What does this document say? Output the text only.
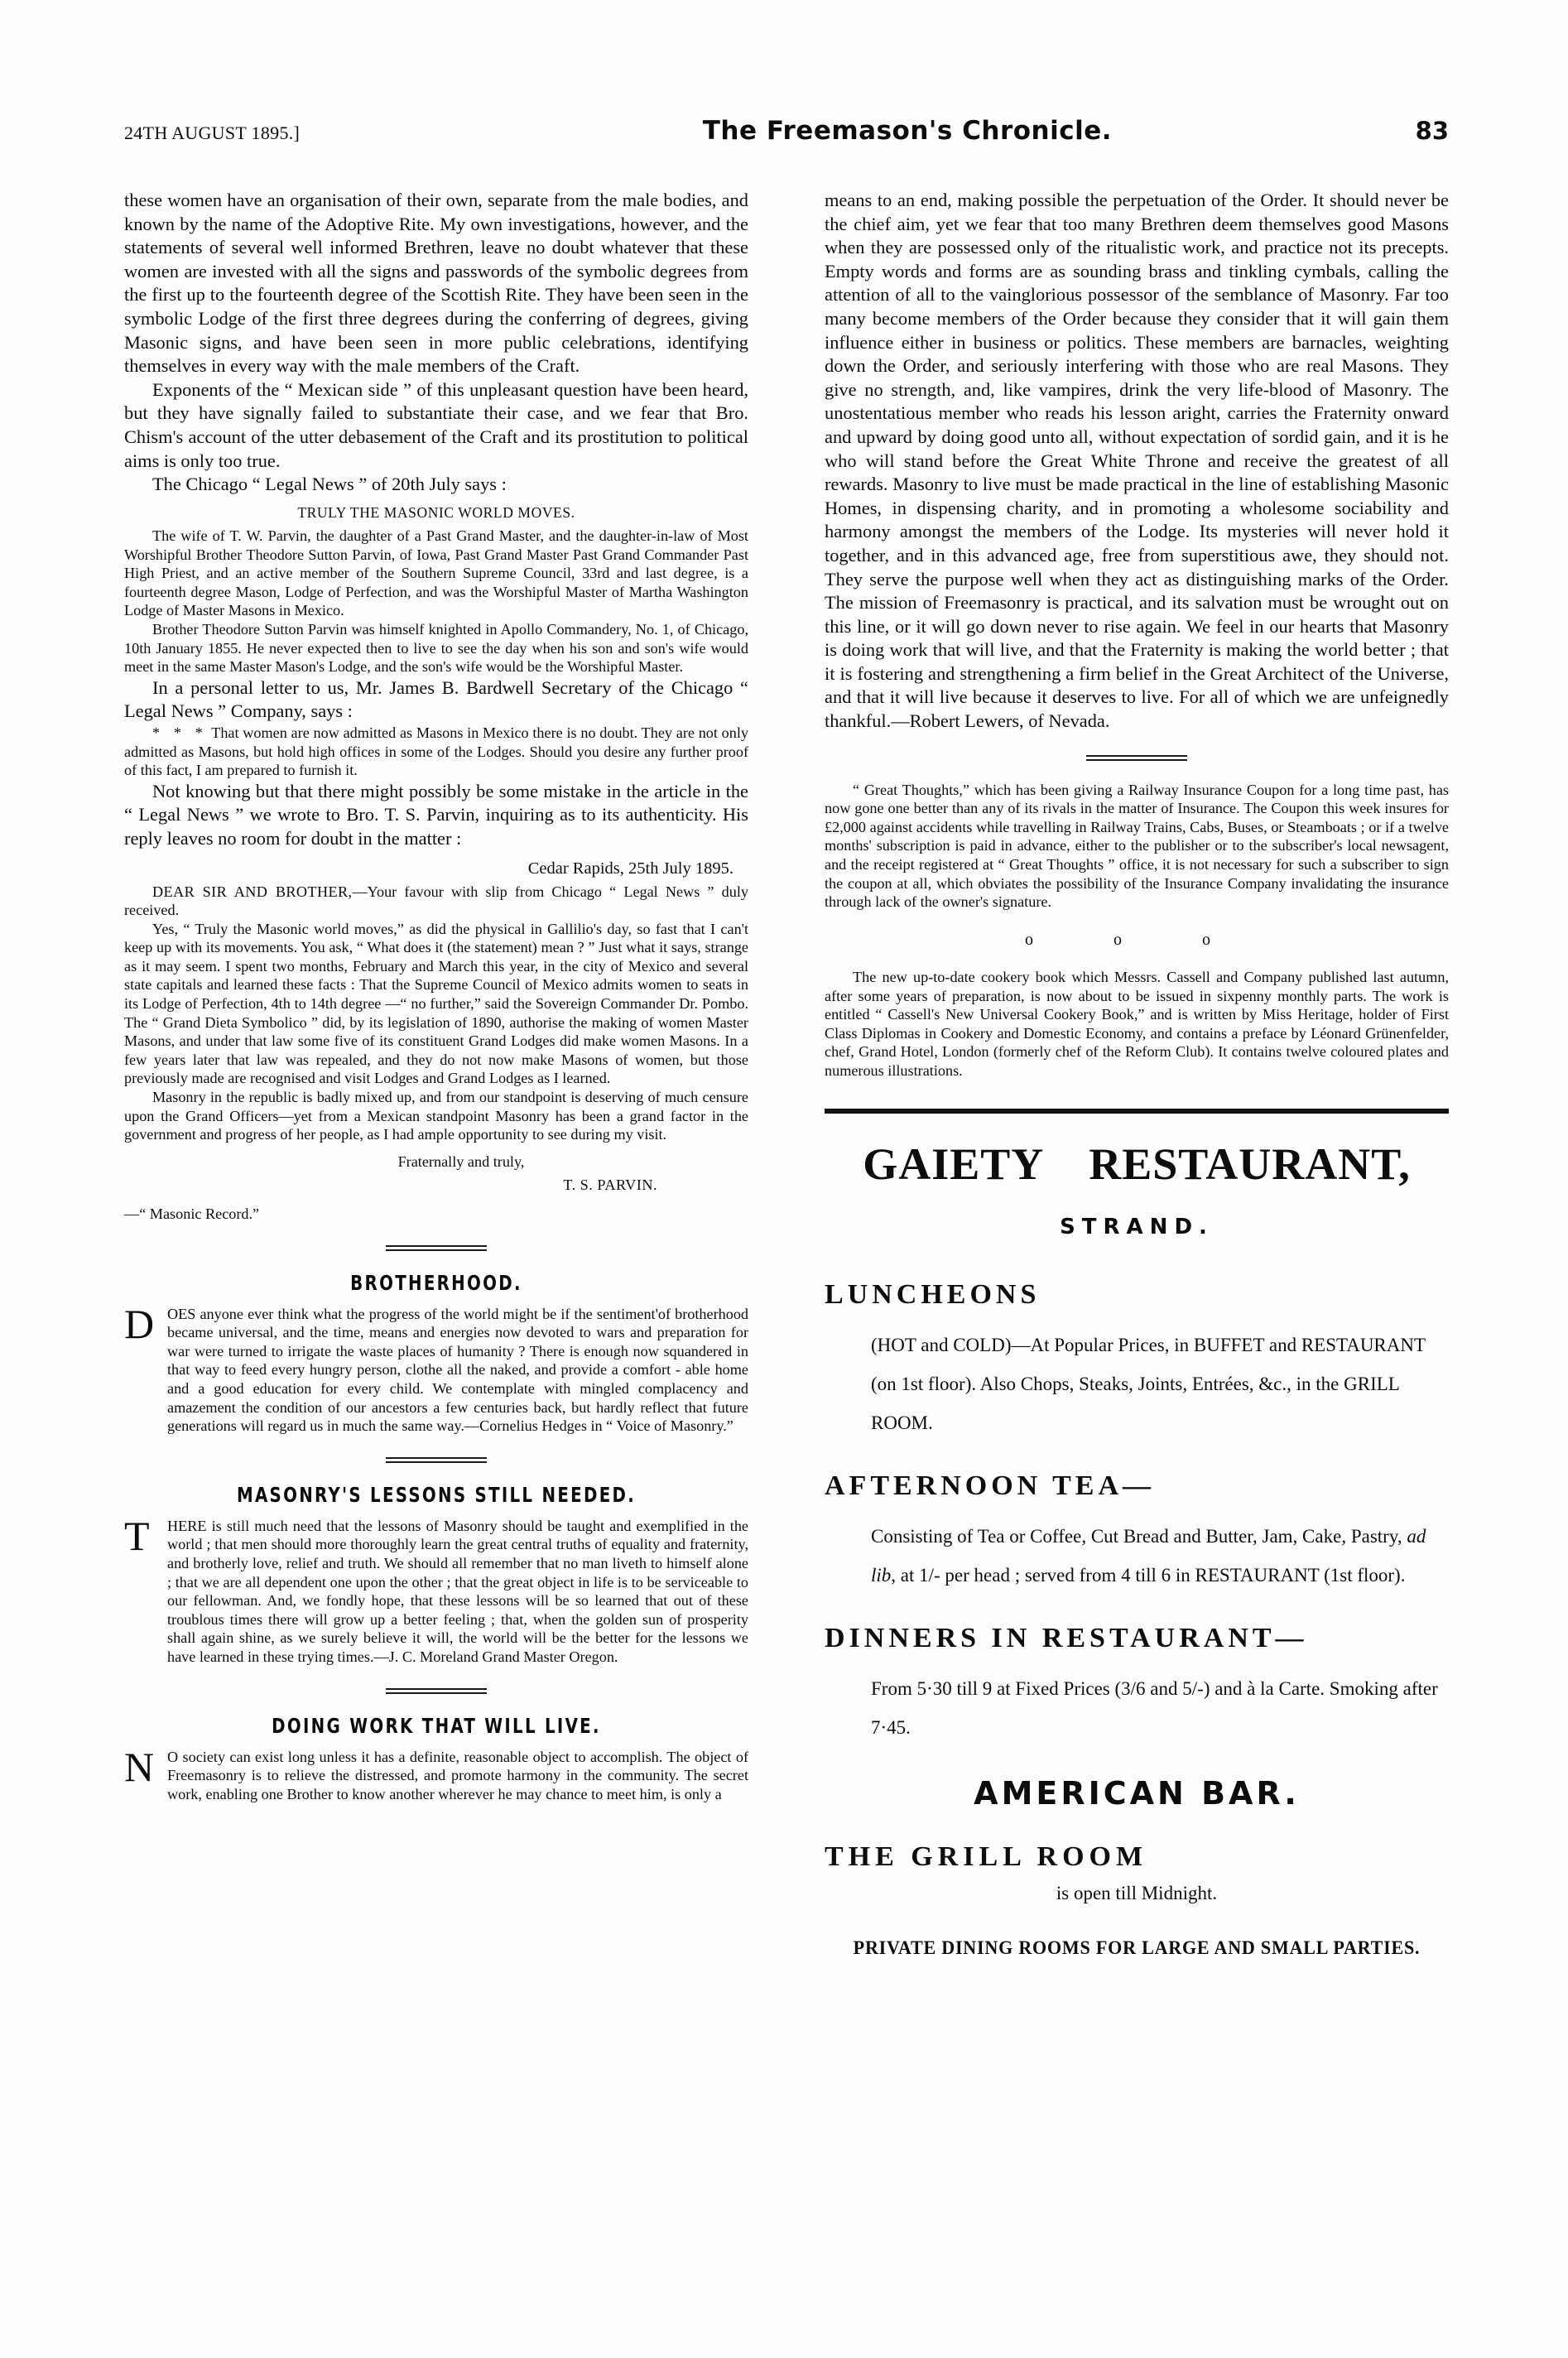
24TH AUGUST 1895.]	The Freemason's Chronicle.	83

these women have an organisation of their own, separate from the male bodies, and known by the name of the Adoptive Rite. My own investigations, however, and the statements of several well informed Brethren, leave no doubt whatever that these women are invested with all the signs and passwords of the symbolic degrees from the first up to the fourteenth degree of the Scottish Rite. They have been seen in the symbolic Lodge of the first three degrees during the conferring of degrees, giving Masonic signs, and have been seen in more public celebrations, identifying themselves in every way with the male members of the Craft.

Exponents of the “ Mexican side ” of this unpleasant question have been heard, but they have signally failed to substantiate their case, and we fear that Bro. Chism's account of the utter debasement of the Craft and its prostitution to political aims is only too true.

The Chicago “ Legal News ” of 20th July says :

TRULY THE MASONIC WORLD MOVES.

The wife of T. W. Parvin, the daughter of a Past Grand Master, and the daughter-in-law of Most Worshipful Brother Theodore Sutton Parvin, of Iowa, Past Grand Master Past Grand Commander Past High Priest, and an active member of the Southern Supreme Council, 33rd and last degree, is a fourteenth degree Mason, Lodge of Perfection, and was the Worshipful Master of Martha Washington Lodge of Master Masons in Mexico.

Brother Theodore Sutton Parvin was himself knighted in Apollo Commandery, No. 1, of Chicago, 10th January 1855. He never expected then to live to see the day when his son and son's wife would meet in the same Master Mason's Lodge, and the son's wife would be the Worshipful Master.

In a personal letter to us, Mr. James B. Bardwell Secretary of the Chicago “ Legal News ” Company, says :

* * * That women are now admitted as Masons in Mexico there is no doubt. They are not only admitted as Masons, but hold high offices in some of the Lodges. Should you desire any further proof of this fact, I am prepared to furnish it.

Not knowing but that there might possibly be some mistake in the article in the “ Legal News ” we wrote to Bro. T. S. Parvin, inquiring as to its authenticity. His reply leaves no room for doubt in the matter :

Cedar Rapids, 25th July 1895.

DEAR SIR AND BROTHER,—Your favour with slip from Chicago “ Legal News ” duly received.

Yes, “ Truly the Masonic world moves,” as did the physical in Gallilio's day, so fast that I can't keep up with its movements. You ask, “ What does it (the statement) mean ? ” Just what it says, strange as it may seem. I spent two months, February and March this year, in the city of Mexico and several state capitals and learned these facts : That the Supreme Council of Mexico admits women to seats in its Lodge of Perfection, 4th to 14th degree —“ no further,” said the Sovereign Commander Dr. Pombo. The “ Grand Dieta Symbolico ” did, by its legislation of 1890, authorise the making of women Master Masons, and under that law some five of its constituent Grand Lodges did make women Masons. In a few years later that law was repealed, and they do not now make Masons of women, but those previously made are recognised and visit Lodges and Grand Lodges as I learned.

Masonry in the republic is badly mixed up, and from our standpoint is deserving of much censure upon the Grand Officers—yet from a Mexican standpoint Masonry has been a grand factor in the government and progress of her people, as I had ample opportunity to see during my visit.

Fraternally and truly,

T. S. PARVIN.

—“ Masonic Record.”

BROTHERHOOD.

DOES anyone ever think what the progress of the world might be if the sentiment'of brotherhood became universal, and the time, means and energies now devoted to wars and preparation for war were turned to irrigate the waste places of humanity ? There is enough now squandered in that way to feed every hungry person, clothe all the naked, and provide a comfort - able home and a good education for every child. We contemplate with mingled complacency and amazement the condition of our ancestors a few centuries back, but hardly reflect that future generations will regard us in much the same way.—Cornelius Hedges in “ Voice of Masonry.”

MASONRY'S LESSONS STILL NEEDED.

T	HERE is still much need that the lessons of Masonry should be taught and exemplified in the world ; that men should more thoroughly learn the great central truths of equality and fraternity, and brotherly love, relief and truth. We should all remember that no man liveth to himself alone ; that we are all dependent one upon the other ; that the great object in life is to be serviceable to our fellowman. And, we fondly hope, that these lessons will be so learned that out of these troublous times there will grow up a better feeling ; that, when the golden sun of prosperity shall again shine, as we surely believe it will, the world will be the better for the lessons we have learned in these trying times.—J. C. Moreland Grand Master Oregon.

DOING WORK THAT WILL LIVE.

N O society can exist long unless it has a definite, reasonable object to accomplish. The object of Freemasonry is to relieve the distressed, and promote harmony in the community. The secret work, enabling one Brother to know another wherever he may chance to meet him, is only a

means to an end, making possible the perpetuation of the Order. It should never be the chief aim, yet we fear that too many Brethren deem themselves good Masons when they are possessed only of the ritualistic work, and practice not its precepts. Empty words and forms are as sounding brass and tinkling cymbals, calling the attention of all to the vainglorious possessor of the semblance of Masonry. Far too many become members of the Order because they consider that it will gain them influence either in business or politics. These members are barnacles, weighting down the Order, and seriously interfering with those who are real Masons. They give no strength, and, like vampires, drink the very life-blood of Masonry. The unostentatious member who reads his lesson aright, carries the Fraternity onward and upward by doing good unto all, without expectation of sordid gain, and it is he who will stand before the Great White Throne and receive the greatest of all rewards. Masonry to live must be made practical in the line of establishing Masonic Homes, in dispensing charity, and in promoting a wholesome sociability and harmony amongst the members of the Lodge. Its mysteries will never hold it together, and in this advanced age, free from superstitious awe, they should not. They serve the purpose well when they act as distinguishing marks of the Order. The mission of Freemasonry is practical, and its salvation must be wrought out on this line, or it will go down never to rise again. We feel in our hearts that Masonry is doing work that will live, and that the Fraternity is making the world better ; that it is fostering and strengthening a firm belief in the Great Architect of the Universe, and that it will live because it deserves to live. For all of which we are unfeignedly thankful.—Robert Lewers, of Nevada.

“ Great Thoughts,” which has been giving a Railway Insurance Coupon for a long time past, has now gone one better than any of its rivals in the matter of Insurance. The Coupon this week insures for £2,000 against accidents while travelling in Railway Trains, Cabs, Buses, or Steamboats ; or if a twelve months' subscription is paid in advance, either to the publisher or to the subscriber's local newsagent, and the receipt registered at “ Great Thoughts ” office, it is not necessary for such a subscriber to sign the coupon at all, which obviates the possibility of the Insurance Company invalidating the insurance through lack of the owner's signature.

o o o

The new up-to-date cookery book which Messrs. Cassell and Company published last autumn, after some years of preparation, is now about to be issued in sixpenny monthly parts. The work is entitled “ Cassell's New Universal Cookery Book,” and is written by Miss Heritage, holder of First Class Diplomas in Cookery and Domestic Economy, and contains a preface by Léonard Grünenfelder, chef, Grand Hotel, London (formerly chef of the Reform Club). It contains twelve coloured plates and numerous illustrations.

GAIETY RESTAURANT,
STRAND.
LUNCHEONS

(HOT and COLD)—At Popular Prices, in BUFFET and RESTAURANT (on 1st floor). Also Chops, Steaks, Joints, Entrées, &c., in the GRILL ROOM.

AFTERNOON TEA—

Consisting of Tea or Coffee, Cut Bread and Butter, Jam, Cake, Pastry, ad lib, at 1/- per head ; served from 4 till 6 in RESTAURANT (1st floor).

DINNERS IN RESTAURANT—

From 5·30 till 9 at Fixed Prices (3/6 and 5/-) and à la Carte. Smoking after 7·45.

AMERICAN BAR.
THE GRILL ROOM
is open till Midnight.
PRIVATE DINING ROOMS FOR LARGE AND SMALL PARTIES.
